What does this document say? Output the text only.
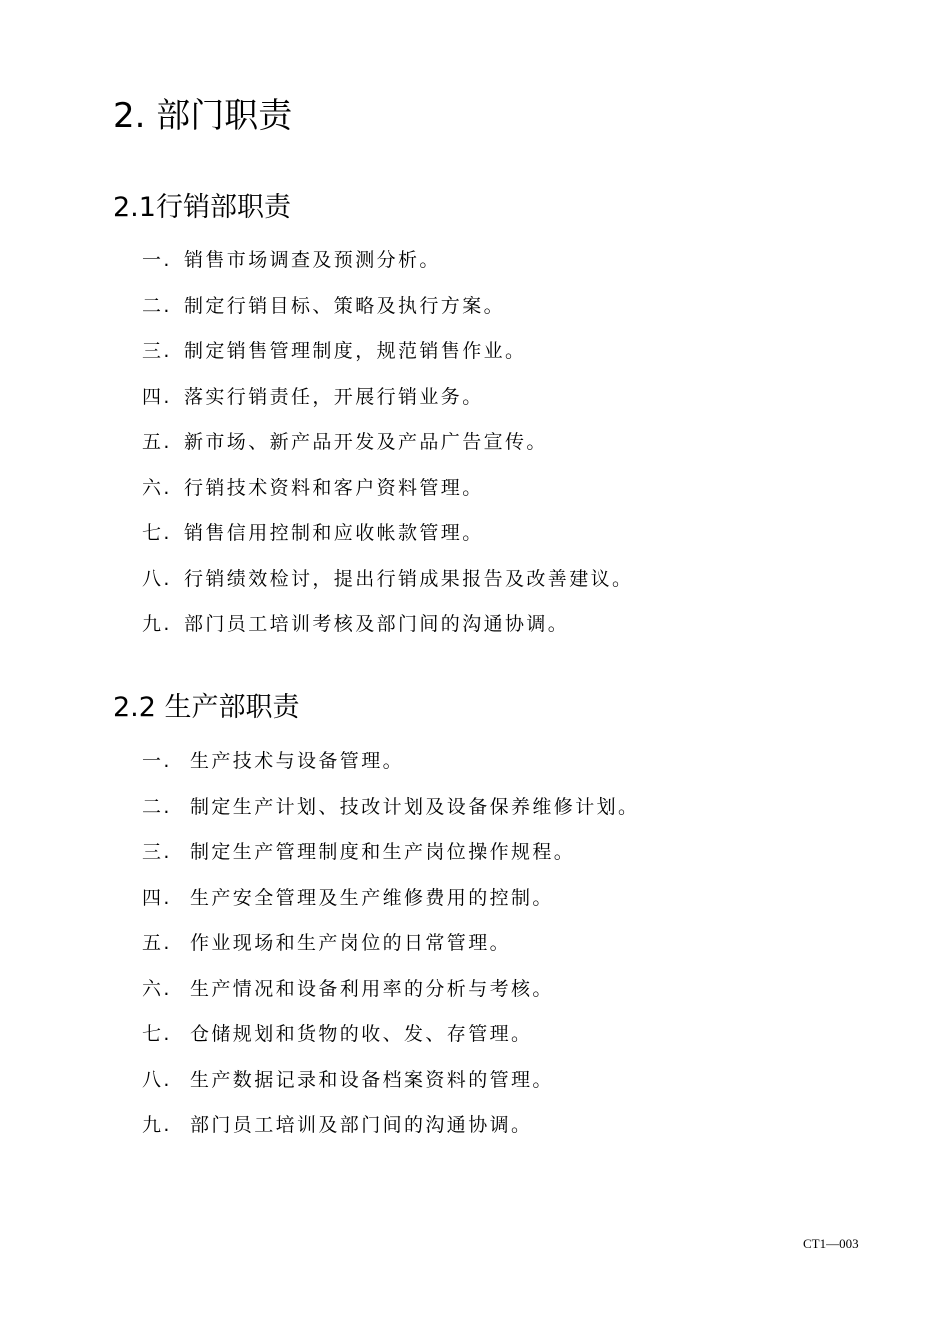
2. 部门职责
2.1行销部职责
一. 销售市场调查及预测分析。
二. 制定行销目标、策略及执行方案。
三. 制定销售管理制度，规范销售作业。
四. 落实行销责任，开展行销业务。
五. 新市场、新产品开发及产品广告宣传。
六. 行销技术资料和客户资料管理。
七. 销售信用控制和应收帐款管理。
八. 行销绩效检讨，提出行销成果报告及改善建议。
九. 部门员工培训考核及部门间的沟通协调。
2.2 生产部职责
一. 生产技术与设备管理。
二. 制定生产计划、技改计划及设备保养维修计划。
三. 制定生产管理制度和生产岗位操作规程。
四. 生产安全管理及生产维修费用的控制。
五. 作业现场和生产岗位的日常管理。
六. 生产情况和设备利用率的分析与考核。
七. 仓储规划和货物的收、发、存管理。
八. 生产数据记录和设备档案资料的管理。
九. 部门员工培训及部门间的沟通协调。
CT1—003
